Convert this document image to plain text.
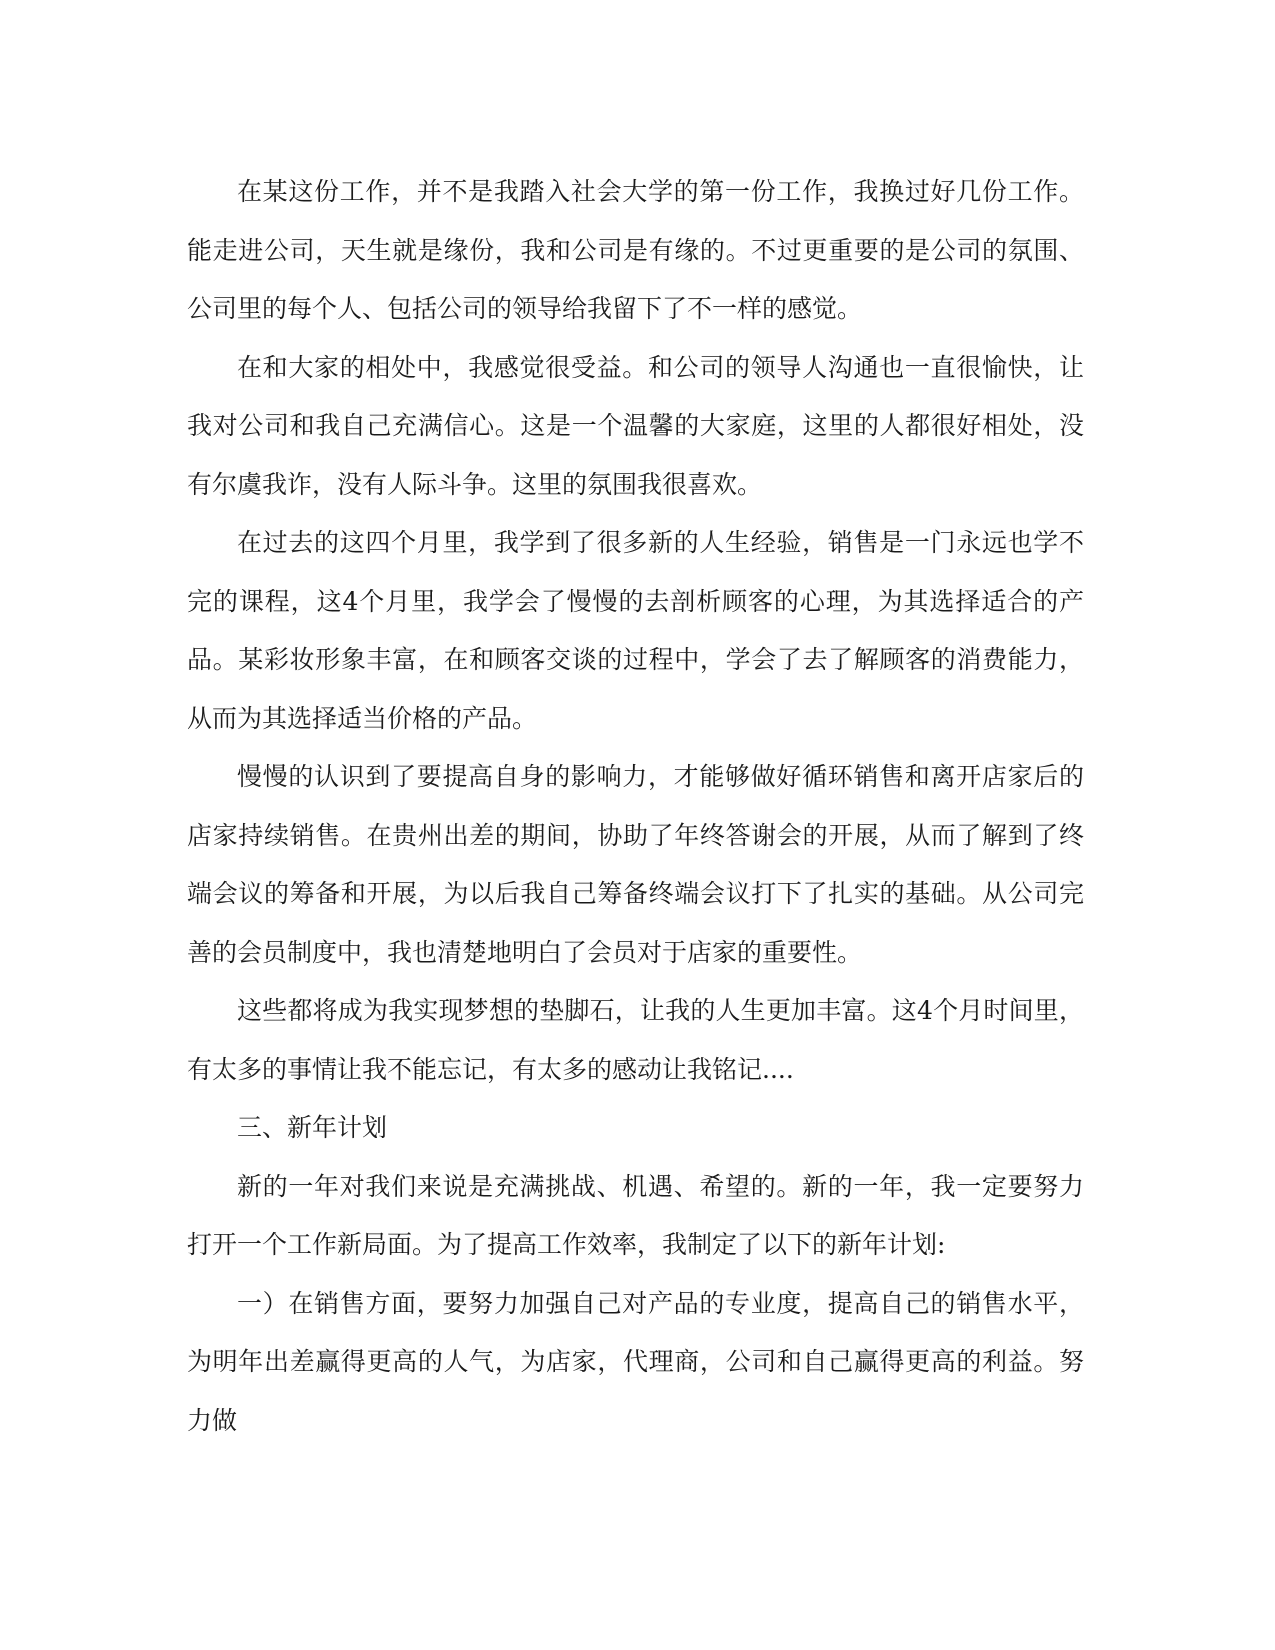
在某这份工作，并不是我踏入社会大学的第一份工作，我换过好几份工作。能走进公司，天生就是缘份，我和公司是有缘的。不过更重要的是公司的氛围、公司里的每个人、包括公司的领导给我留下了不一样的感觉。

在和大家的相处中，我感觉很受益。和公司的领导人沟通也一直很愉快，让我对公司和我自己充满信心。这是一个温馨的大家庭，这里的人都很好相处，没有尔虞我诈，没有人际斗争。这里的氛围我很喜欢。

在过去的这四个月里，我学到了很多新的人生经验，销售是一门永远也学不完的课程，这4个月里，我学会了慢慢的去剖析顾客的心理，为其选择适合的产品。某彩妆形象丰富，在和顾客交谈的过程中，学会了去了解顾客的消费能力，从而为其选择适当价格的产品。

慢慢的认识到了要提高自身的影响力，才能够做好循环销售和离开店家后的店家持续销售。在贵州出差的期间，协助了年终答谢会的开展，从而了解到了终端会议的筹备和开展，为以后我自己筹备终端会议打下了扎实的基础。从公司完善的会员制度中，我也清楚地明白了会员对于店家的重要性。

这些都将成为我实现梦想的垫脚石，让我的人生更加丰富。这4个月时间里，有太多的事情让我不能忘记，有太多的感动让我铭记....

三、新年计划

新的一年对我们来说是充满挑战、机遇、希望的。新的一年，我一定要努力打开一个工作新局面。为了提高工作效率，我制定了以下的新年计划:

一）在销售方面，要努力加强自己对产品的专业度，提高自己的销售水平，为明年出差赢得更高的人气，为店家，代理商，公司和自己赢得更高的利益。努力做
